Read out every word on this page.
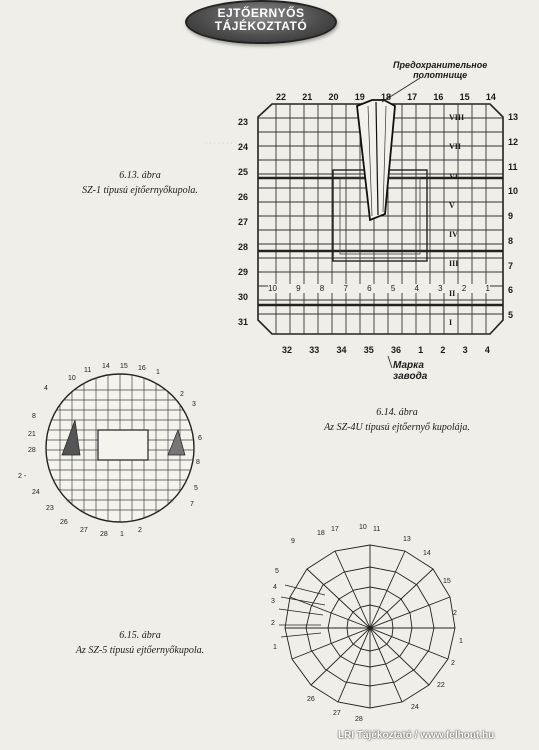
EJTŐERNYŐS
TÁJÉKOZTATÓ
· · · · · · · ·
Предохранительное
полотнище
Марка
завода
22 21 20 19 18 17 16 15 14
23
24
25
26
27
28
29
30
31
13
12
11
10
9
8
7
6
5
32 33 34 35 36 1 2 3 4
10 9 8 7 6 5 4 3 2 1
VIII
VII
VI
V
IV
III
II
I
6.13. ábra
SZ-1 típusú ejtőernyőkupola.
6.14. ábra
Az SZ-4U típusú ejtőernyő kupolája.
10
11
14 15 16
1
2
3
6
8
5
7
8
21
28
2 -
24
23
26
27
28 1
2
4
6.15. ábra
Az SZ-5 típusú ejtőernyőkupola.
18
17	10 11
13
14
15
2
1
2
22
24
28
27
26
5
4
3
2
1
9
LRI Tájékoztató / www.felhout.hu
